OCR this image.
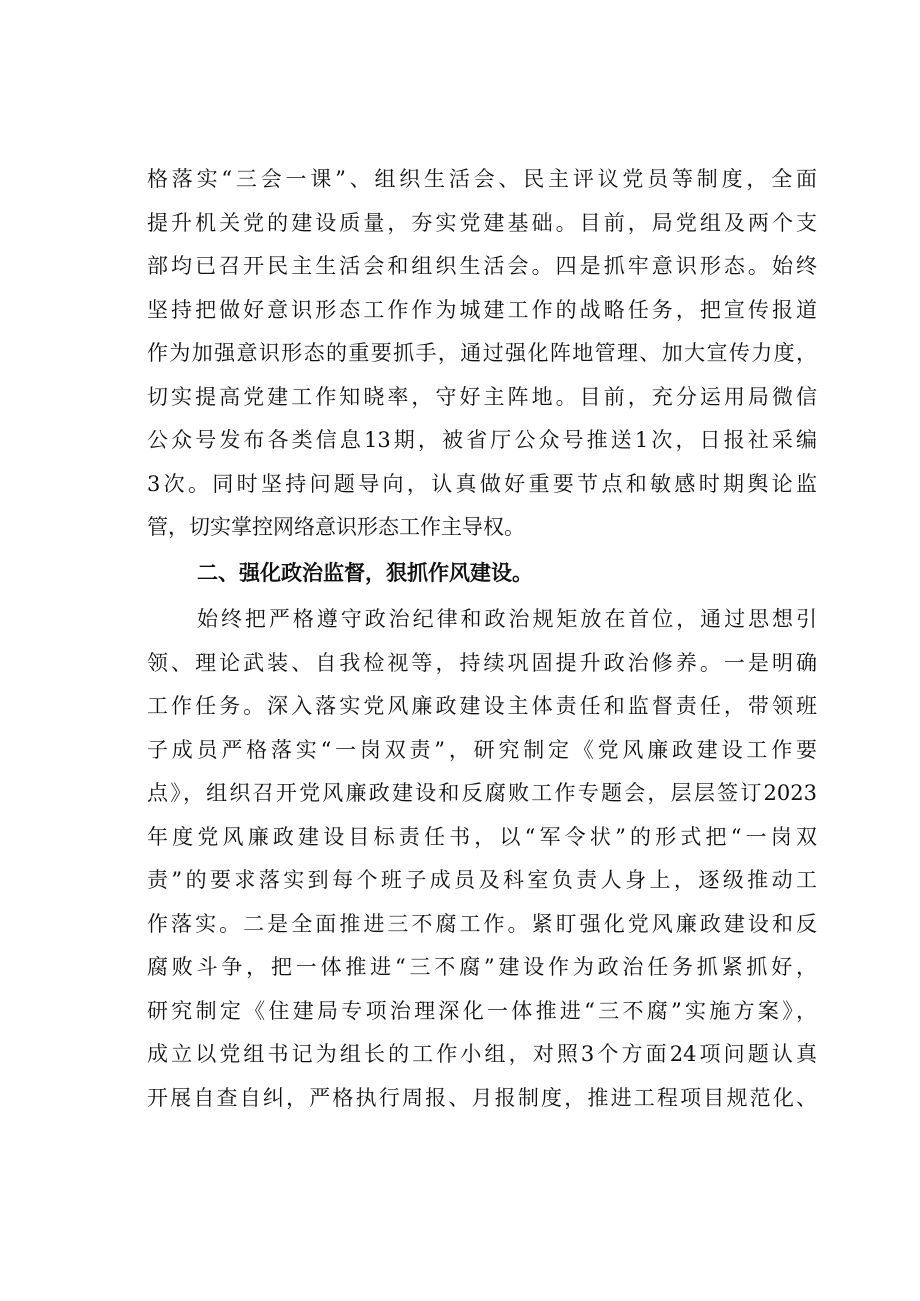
格落实“三会一课”、组织生活会、民主评议党员等制度，全面
提升机关党的建设质量，夯实党建基础。目前，局党组及两个支
部均已召开民主生活会和组织生活会。四是抓牢意识形态。始终
坚持把做好意识形态工作作为城建工作的战略任务，把宣传报道
作为加强意识形态的重要抓手，通过强化阵地管理、加大宣传力度，
切实提高党建工作知晓率，守好主阵地。目前，充分运用局微信
公众号发布各类信息13期，被省厅公众号推送1次，日报社采编
3次。同时坚持问题导向，认真做好重要节点和敏感时期舆论监
管，切实掌控网络意识形态工作主导权。
二、强化政治监督，狠抓作风建设。
始终把严格遵守政治纪律和政治规矩放在首位，通过思想引
领、理论武装、自我检视等，持续巩固提升政治修养。一是明确
工作任务。深入落实党风廉政建设主体责任和监督责任，带领班
子成员严格落实“一岗双责”，研究制定《党风廉政建设工作要
点》，组织召开党风廉政建设和反腐败工作专题会，层层签订2023
年度党风廉政建设目标责任书，以“军令状”的形式把“一岗双
责”的要求落实到每个班子成员及科室负责人身上，逐级推动工
作落实。二是全面推进三不腐工作。紧盯强化党风廉政建设和反
腐败斗争，把一体推进“三不腐”建设作为政治任务抓紧抓好，
研究制定《住建局专项治理深化一体推进“三不腐”实施方案》，
成立以党组书记为组长的工作小组，对照3个方面24项问题认真
开展自查自纠，严格执行周报、月报制度，推进工程项目规范化、
